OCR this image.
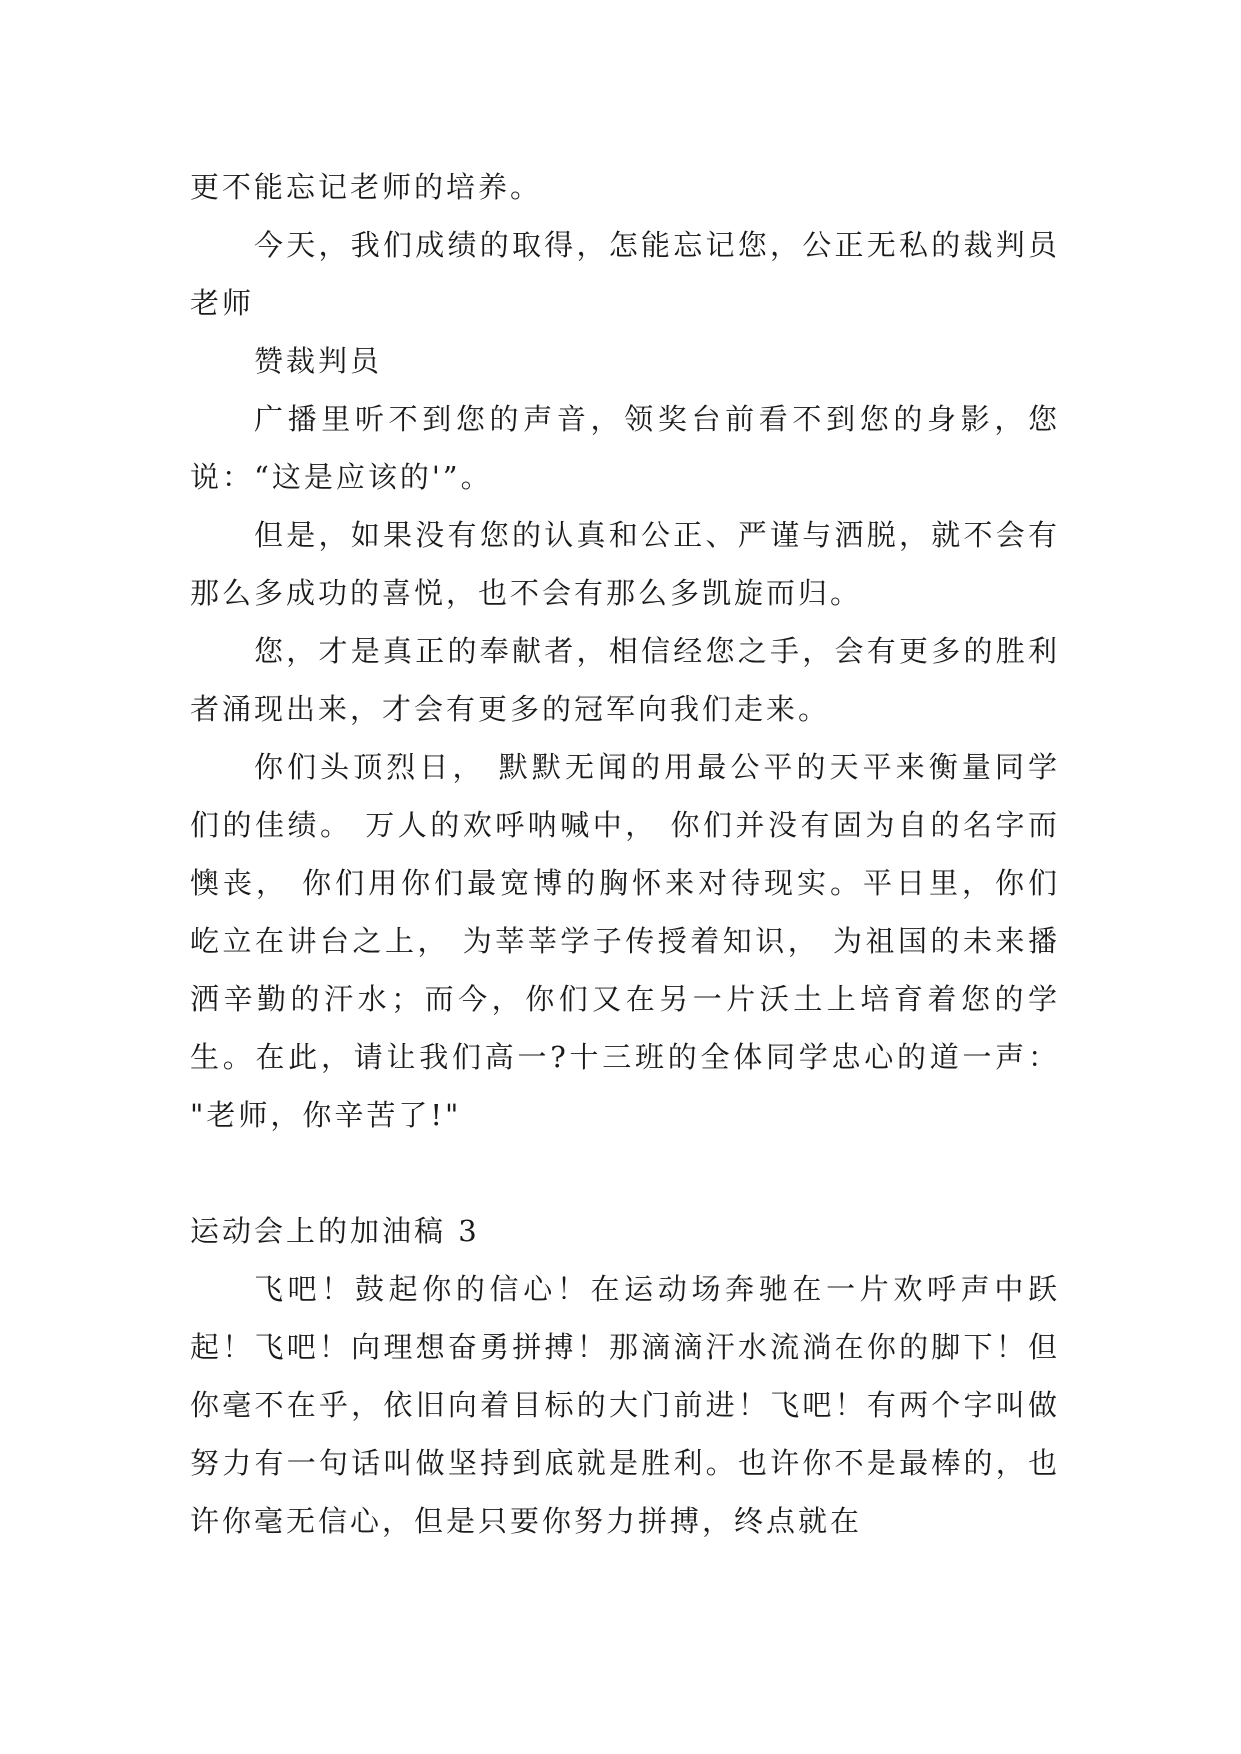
更不能忘记老师的培养。

今天，我们成绩的取得，怎能忘记您，公正无私的裁判员老师

赞裁判员

广播里听不到您的声音，领奖台前看不到您的身影，您说：“这是应该的'”。

但是，如果没有您的认真和公正、严谨与洒脱，就不会有那么多成功的喜悦，也不会有那么多凯旋而归。

您，才是真正的奉献者，相信经您之手，会有更多的胜利者涌现出来，才会有更多的冠军向我们走来。

你们头顶烈日， 默默无闻的用最公平的天平来衡量同学们的佳绩。 万人的欢呼呐喊中， 你们并没有固为自的名字而懊丧， 你们用你们最宽博的胸怀来对待现实。平日里，你们屹立在讲台之上， 为莘莘学子传授着知识， 为祖国的未来播洒辛勤的汗水；而今，你们又在另一片沃土上培育着您的学生。在此，请让我们高一?十三班的全体同学忠心的道一声： "老师，你辛苦了!"

运动会上的加油稿 3

飞吧！鼓起你的信心！在运动场奔驰在一片欢呼声中跃起！飞吧！向理想奋勇拼搏！那滴滴汗水流淌在你的脚下！但你毫不在乎，依旧向着目标的大门前进！飞吧！有两个字叫做努力有一句话叫做坚持到底就是胜利。也许你不是最棒的，也许你毫无信心，但是只要你努力拼搏，终点就在
